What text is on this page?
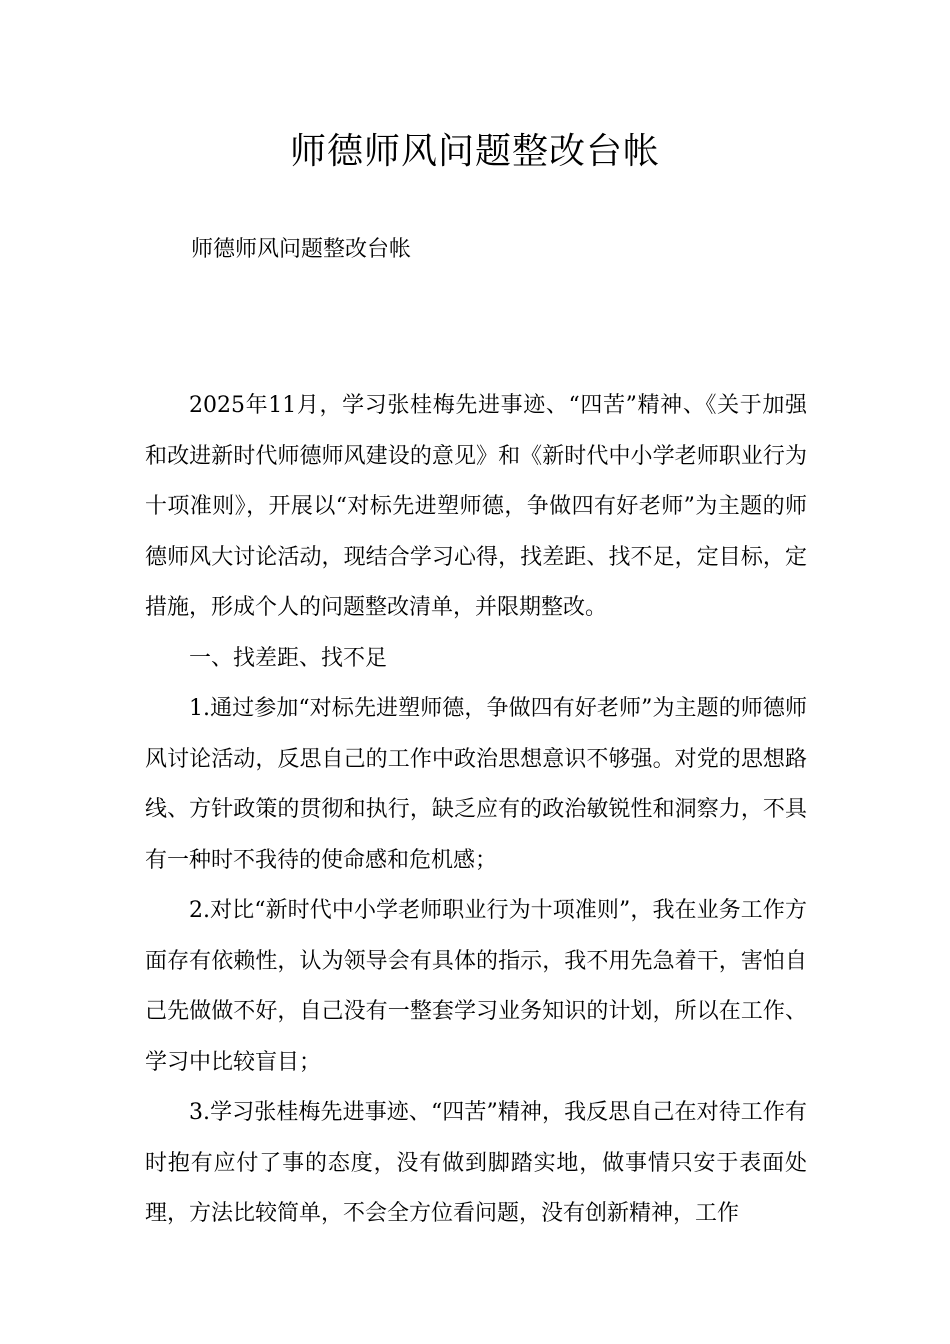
师德师风问题整改台帐

师德师风问题整改台帐

2025年11月，学习张桂梅先进事迹、“四苦”精神、《关于加强和改进新时代师德师风建设的意见》和《新时代中小学老师职业行为十项准则》，开展以“对标先进塑师德，争做四有好老师”为主题的师德师风大讨论活动，现结合学习心得，找差距、找不足，定目标，定措施，形成个人的问题整改清单，并限期整改。

一、找差距、找不足

1.通过参加“对标先进塑师德，争做四有好老师”为主题的师德师风讨论活动，反思自己的工作中政治思想意识不够强。对党的思想路线、方针政策的贯彻和执行，缺乏应有的政治敏锐性和洞察力，不具有一种时不我待的使命感和危机感；

2.对比“新时代中小学老师职业行为十项准则”，我在业务工作方面存有依赖性，认为领导会有具体的指示，我不用先急着干，害怕自己先做做不好，自己没有一整套学习业务知识的计划，所以在工作、学习中比较盲目；

3.学习张桂梅先进事迹、“四苦”精神，我反思自己在对待工作有时抱有应付了事的态度，没有做到脚踏实地，做事情只安于表面处理，方法比较简单，不会全方位看问题，没有创新精神，工作
